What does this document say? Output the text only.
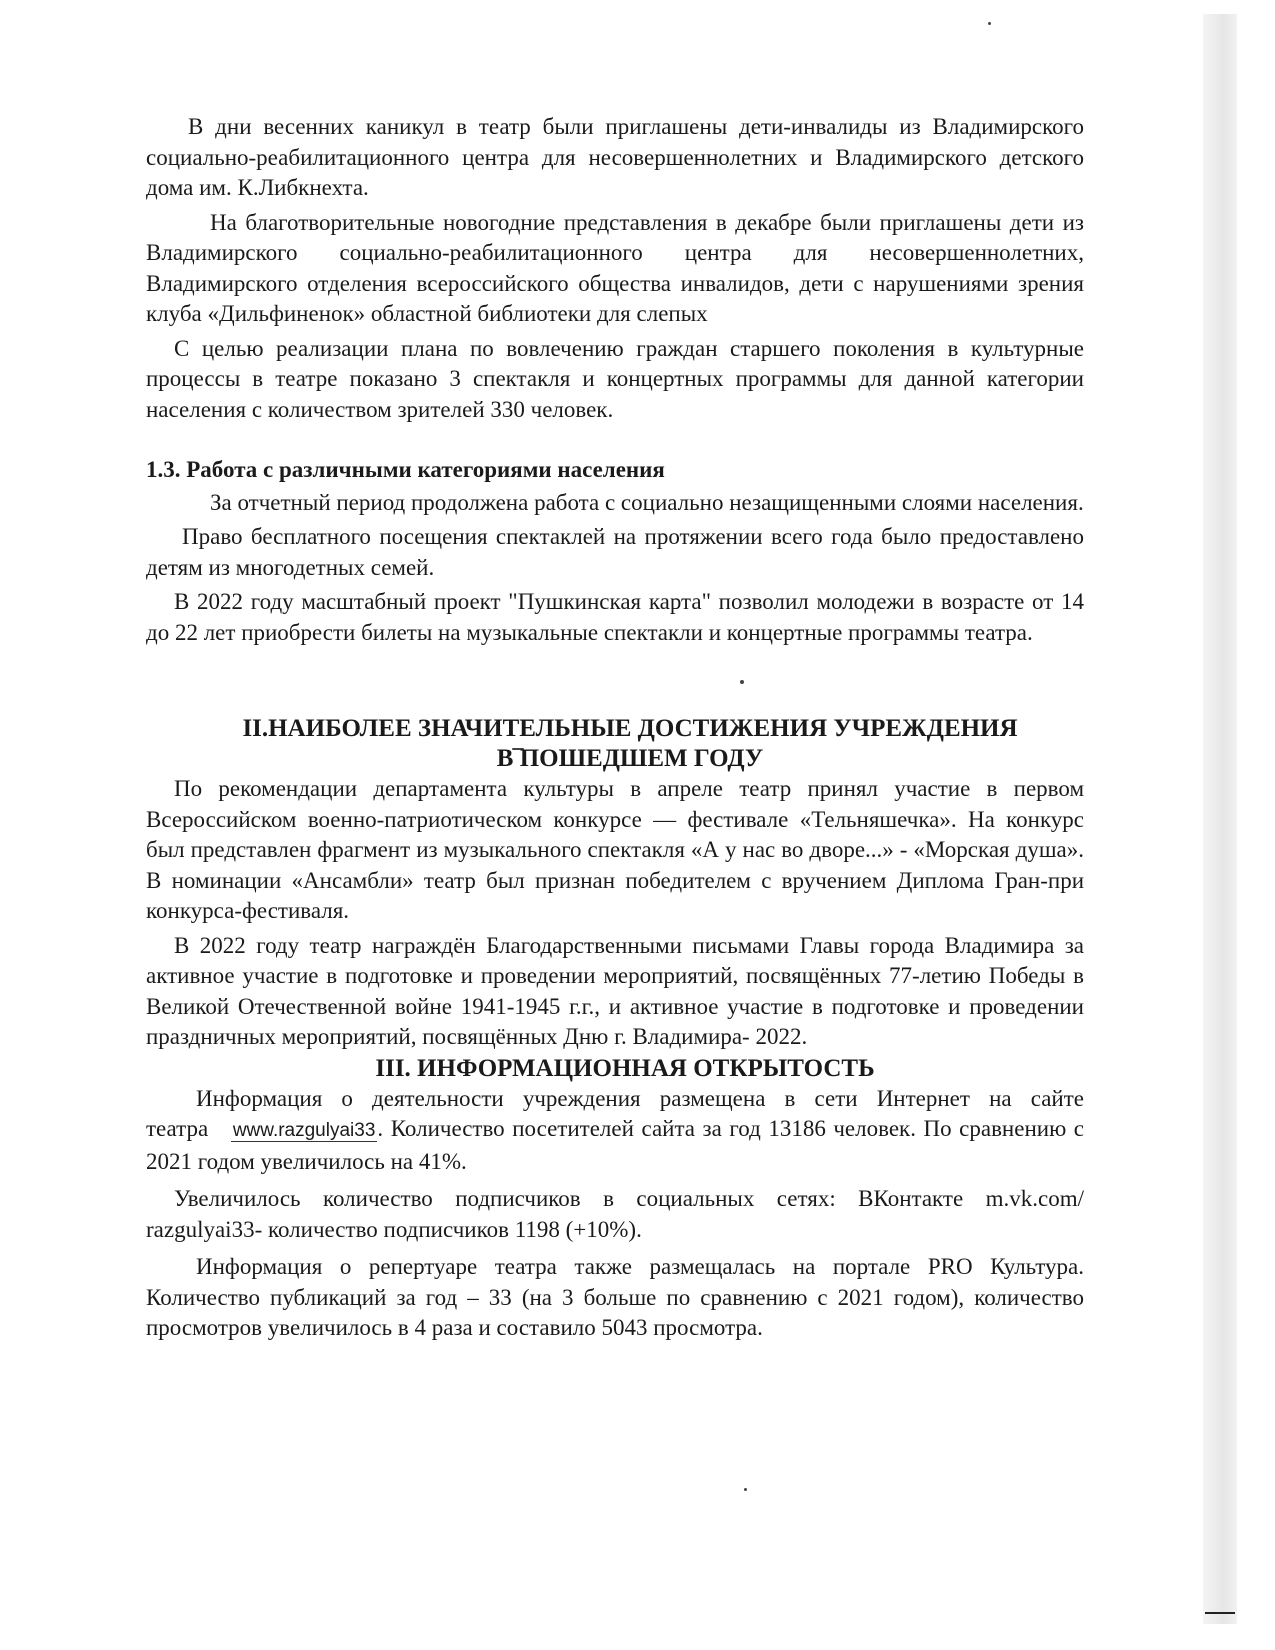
В дни весенних каникул в театр были приглашены дети-инвалиды из Владимирского социально-реабилитационного центра для несовершеннолетних и Владимирского детского дома им. К.Либкнехта.

На благотворительные новогодние представления в декабре были приглашены дети из Владимирского социально-реабилитационного центра для несовершеннолетних, Владимирского отделения всероссийского общества инвалидов, дети с нарушениями зрения клуба «Дильфиненок» областной библиотеки для слепых

С целью реализации плана по вовлечению граждан старшего поколения в культурные процессы в театре показано 3 спектакля и концертных программы для данной категории населения с количеством зрителей 330 человек.

1.3. Работа с различными категориями населения

За отчетный период продолжена работа с социально незащищенными слоями населения.

Право бесплатного посещения спектаклей на протяжении всего года было предоставлено детям из многодетных семей.

В 2022 году масштабный проект "Пушкинская карта" позволил молодежи в возрасте от 14 до 22 лет приобрести билеты на музыкальные спектакли и концертные программы театра.

II.НАИБОЛЕЕ ЗНАЧИТЕЛЬНЫЕ ДОСТИЖЕНИЯ УЧРЕЖДЕНИЯ
В ПОШЕДШЕМ ГОДУ

По рекомендации департамента культуры в апреле театр принял участие в первом Всероссийском военно-патриотическом конкурсе — фестивале «Тельняшечка». На конкурс был представлен фрагмент из музыкального спектакля «А у нас во дворе...» - «Морская душа». В номинации «Ансамбли» театр был признан победителем с вручением Диплома Гран-при конкурса-фестиваля.

В 2022 году театр награждён Благодарственными письмами Главы города Владимира за активное участие в подготовке и проведении мероприятий, посвящённых 77-летию Победы в Великой Отечественной войне 1941-1945 г.г., и активное участие в подготовке и проведении праздничных мероприятий, посвящённых Дню г. Владимира- 2022.

III. ИНФОРМАЦИОННАЯ ОТКРЫТОСТЬ

Информация о деятельности учреждения размещена в сети Интернет на сайте театра www.razgulyai33. Количество посетителей сайта за год 13186 человек. По сравнению с 2021 годом увеличилось на 41%.

Увеличилось количество подписчиков в социальных сетях: ВКонтакте m.vk.com/ razgulyai33- количество подписчиков 1198 (+10%).

Информация о репертуаре театра также размещалась на портале PRO Культура. Количество публикаций за год – 33 (на 3 больше по сравнению с 2021 годом), количество просмотров увеличилось в 4 раза и составило 5043 просмотра.
